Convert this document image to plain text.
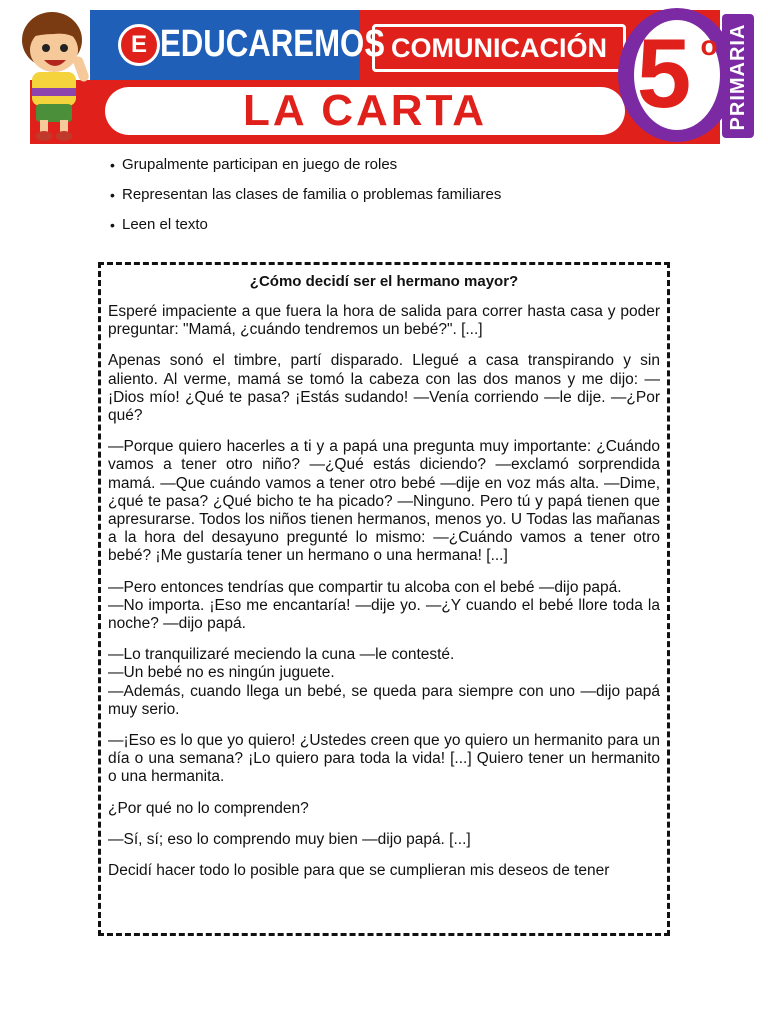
LA CARTA
E EDUCAREMOS COMUNICACIÓN 5 o PRIMARIA
• Grupalmente participan en juego de roles
• Representan las clases de familia o problemas familiares
• Leen el texto
¿Cómo decidí ser el hermano mayor?

Esperé impaciente a que fuera la hora de salida para correr hasta casa y poder preguntar: "Mamá, ¿cuándo tendremos un bebé?". [...]

Apenas sonó el timbre, partí disparado. Llegué a casa transpirando y sin aliento. Al verme, mamá se tomó la cabeza con las dos manos y me dijo: —¡Dios mío! ¿Qué te pasa? ¡Estás sudando! —Venía corriendo —le dije. —¿Por qué?

—Porque quiero hacerles a ti y a papá una pregunta muy importante: ¿Cuándo vamos a tener otro niño? —¿Qué estás diciendo? —exclamó sorprendida mamá. —Que cuándo vamos a tener otro bebé —dije en voz más alta. —Dime, ¿qué te pasa? ¿Qué bicho te ha picado? —Ninguno. Pero tú y papá tienen que apresurarse. Todos los niños tienen hermanos, menos yo. U Todas las mañanas a la hora del desayuno pregunté lo mismo: —¿Cuándo vamos a tener otro bebé? ¡Me gustaría tener un hermano o una hermana! [...]

—Pero entonces tendrías que compartir tu alcoba con el bebé —dijo papá.
—No importa. ¡Eso me encantaría! —dije yo. —¿Y cuando el bebé llore toda la noche? —dijo papá.

—Lo tranquilizaré meciendo la cuna —le contesté.
—Un bebé no es ningún juguete.
—Además, cuando llega un bebé, se queda para siempre con uno —dijo papá muy serio.

—¡Eso es lo que yo quiero! ¿Ustedes creen que yo quiero un hermanito para un día o una semana? ¡Lo quiero para toda la vida! [...] Quiero tener un hermanito o una hermanita.

¿Por qué no lo comprenden?

—Sí, sí; eso lo comprendo muy bien —dijo papá. [...]

Decidí hacer todo lo posible para que se cumplieran mis deseos de tener
